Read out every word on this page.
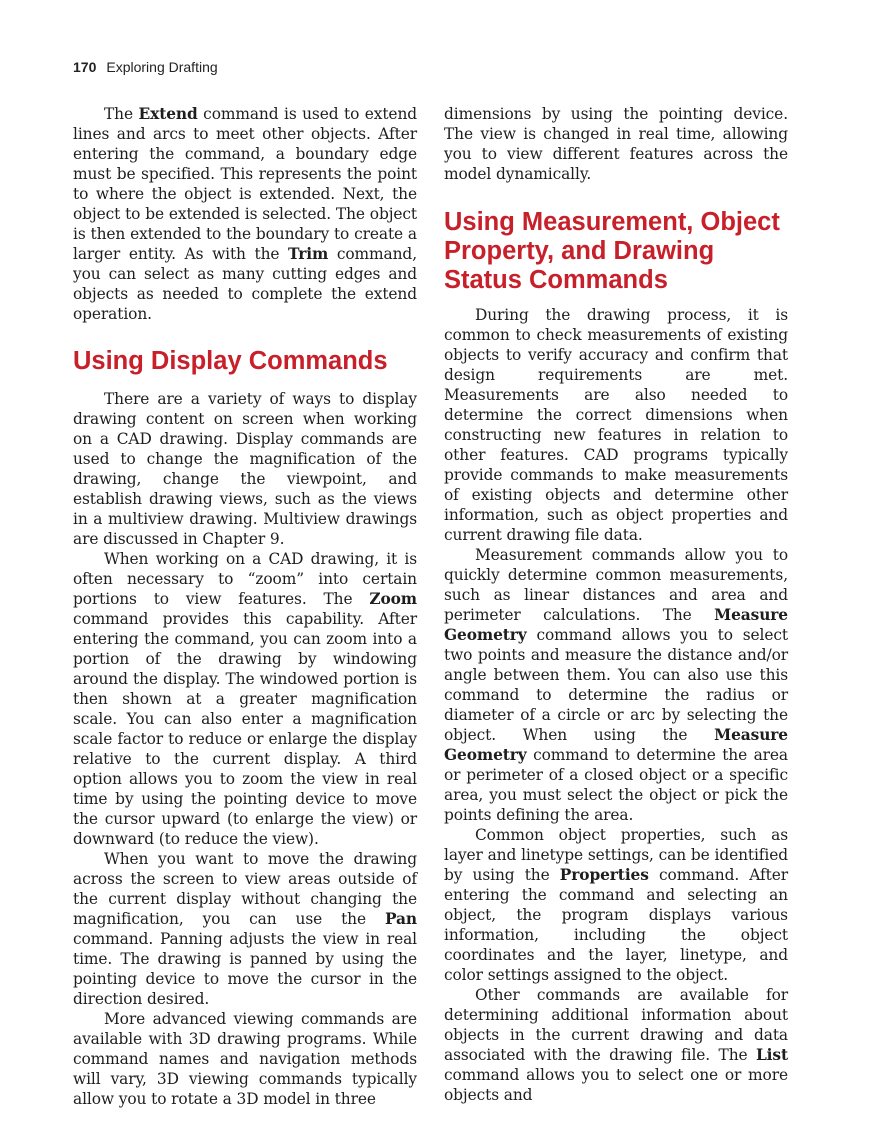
170 Exploring Drafting

The Extend command is used to extend lines and arcs to meet other objects. After entering the command, a boundary edge must be specified. This represents the point to where the object is extended. Next, the object to be extended is selected. The object is then extended to the boundary to create a larger entity. As with the Trim command, you can select as many cutting edges and objects as needed to complete the extend operation.

Using Display Commands

There are a variety of ways to display drawing content on screen when working on a CAD drawing. Display commands are used to change the magnification of the drawing, change the viewpoint, and establish drawing views, such as the views in a multiview drawing. Multiview drawings are discussed in Chapter 9.

When working on a CAD drawing, it is often necessary to “zoom” into certain portions to view features. The Zoom command provides this capability. After entering the command, you can zoom into a portion of the drawing by windowing around the display. The windowed portion is then shown at a greater magnification scale. You can also enter a magnification scale factor to reduce or enlarge the display relative to the current display. A third option allows you to zoom the view in real time by using the pointing device to move the cursor upward (to enlarge the view) or downward (to reduce the view).

When you want to move the drawing across the screen to view areas outside of the current display without changing the magnification, you can use the Pan command. Panning adjusts the view in real time. The drawing is panned by using the pointing device to move the cursor in the direction desired.

More advanced viewing commands are available with 3D drawing programs. While command names and navigation methods will vary, 3D viewing commands typically allow you to rotate a 3D model in three

dimensions by using the pointing device. The view is changed in real time, allowing you to view different features across the model dynamically.

Using Measurement, Object Property, and Drawing Status Commands

During the drawing process, it is common to check measurements of existing objects to verify accuracy and confirm that design requirements are met. Measurements are also needed to determine the correct dimensions when constructing new features in relation to other features. CAD programs typically provide commands to make measurements of existing objects and determine other information, such as object properties and current drawing file data.

Measurement commands allow you to quickly determine common measurements, such as linear distances and area and perimeter calculations. The Measure Geometry command allows you to select two points and measure the distance and/or angle between them. You can also use this command to determine the radius or diameter of a circle or arc by selecting the object. When using the Measure Geometry command to determine the area or perimeter of a closed object or a specific area, you must select the object or pick the points defining the area.

Common object properties, such as layer and linetype settings, can be identified by using the Properties command. After entering the command and selecting an object, the program displays various information, including the object coordinates and the layer, linetype, and color settings assigned to the object.

Other commands are available for determining additional information about objects in the current drawing and data associated with the drawing file. The List command allows you to select one or more objects and
